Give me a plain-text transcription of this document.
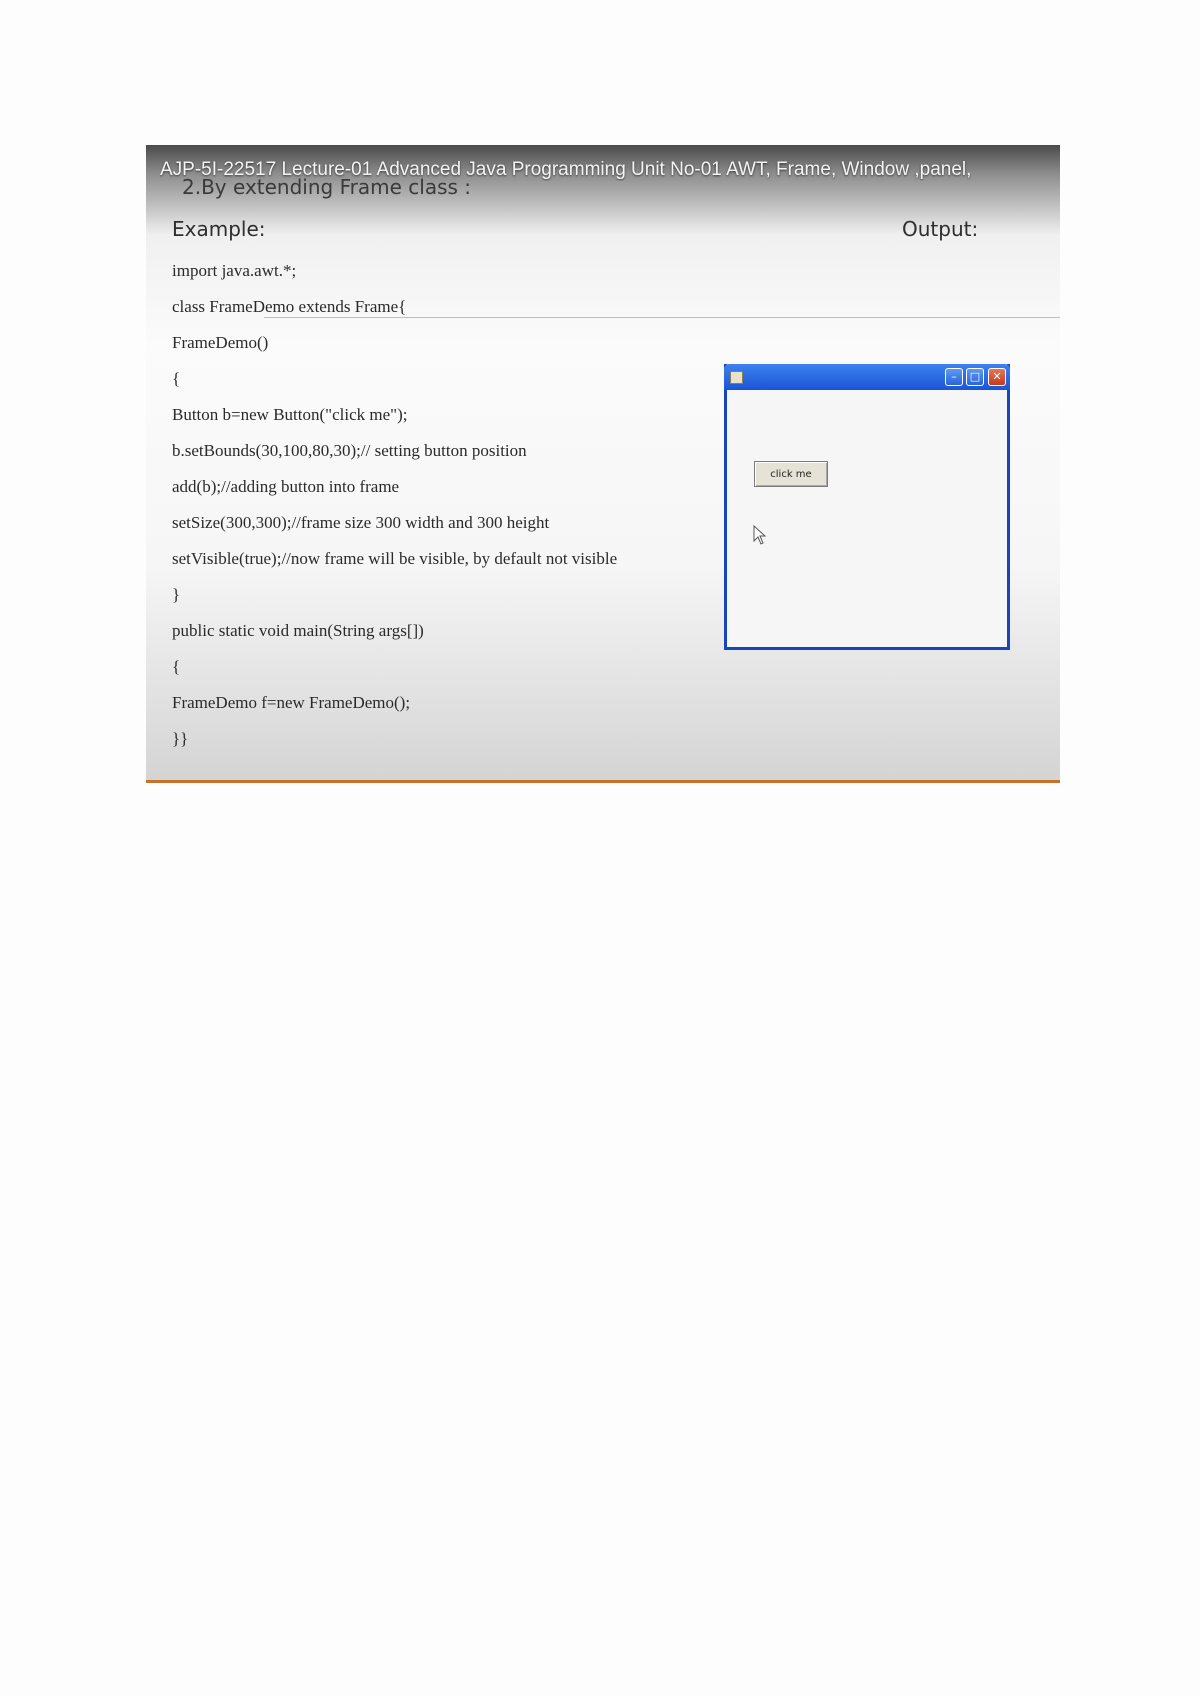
2.By extending Frame class :
AJP-5I-22517 Lecture-01 Advanced Java Programming Unit No-01 AWT, Frame, Window ,panel,
Example:	Output:
import java.awt.*;
class FrameDemo extends Frame{
FrameDemo()
{
Button b=new Button("click me");
b.setBounds(30,100,80,30);// setting button position
add(b);//adding button into frame
setSize(300,300);//frame size 300 width and 300 height
setVisible(true);//now frame will be visible, by default not visible
}
public static void main(String args[])
{
FrameDemo f=new FrameDemo();
}}
–	□	✕
click me
